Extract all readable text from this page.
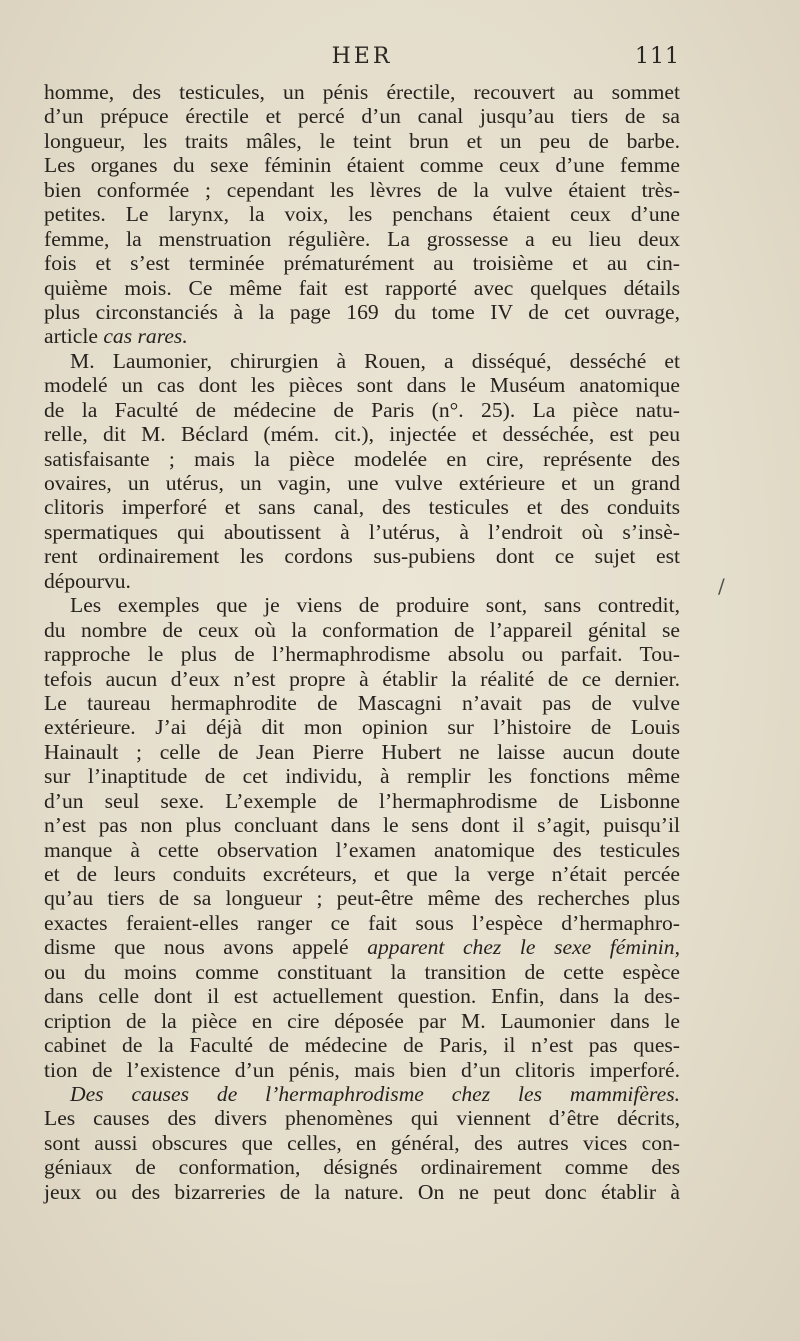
HER	111
homme, des testicules, un pénis érectile, recouvert au sommet
d’un prépuce érectile et percé d’un canal jusqu’au tiers de sa
longueur, les traits mâles, le teint brun et un peu de barbe.
Les organes du sexe féminin étaient comme ceux d’une femme
bien conformée ; cependant les lèvres de la vulve étaient très-
petites. Le larynx, la voix, les penchans étaient ceux d’une
femme, la menstruation régulière. La grossesse a eu lieu deux
fois et s’est terminée prématurément au troisième et au cin-
quième mois. Ce même fait est rapporté avec quelques détails
plus circonstanciés à la page 169 du tome IV de cet ouvrage,
article cas rares.
M. Laumonier, chirurgien à Rouen, a disséqué, desséché et
modelé un cas dont les pièces sont dans le Muséum anatomique
de la Faculté de médecine de Paris (n°. 25). La pièce natu-
relle, dit M. Béclard (mém. cit.), injectée et desséchée, est peu
satisfaisante ; mais la pièce modelée en cire, représente des
ovaires, un utérus, un vagin, une vulve extérieure et un grand
clitoris imperforé et sans canal, des testicules et des conduits
spermatiques qui aboutissent à l’utérus, à l’endroit où s’insè-
rent ordinairement les cordons sus-pubiens dont ce sujet est
dépourvu.
Les exemples que je viens de produire sont, sans contredit,
du nombre de ceux où la conformation de l’appareil génital se
rapproche le plus de l’hermaphrodisme absolu ou parfait. Tou-
tefois aucun d’eux n’est propre à établir la réalité de ce dernier.
Le taureau hermaphrodite de Mascagni n’avait pas de vulve
extérieure. J’ai déjà dit mon opinion sur l’histoire de Louis
Hainault ; celle de Jean Pierre Hubert ne laisse aucun doute
sur l’inaptitude de cet individu, à remplir les fonctions même
d’un seul sexe. L’exemple de l’hermaphrodisme de Lisbonne
n’est pas non plus concluant dans le sens dont il s’agit, puisqu’il
manque à cette observation l’examen anatomique des testicules
et de leurs conduits excréteurs, et que la verge n’était percée
qu’au tiers de sa longueur ; peut-être même des recherches plus
exactes feraient-elles ranger ce fait sous l’espèce d’hermaphro-
disme que nous avons appelé apparent chez le sexe féminin,
ou du moins comme constituant la transition de cette espèce
dans celle dont il est actuellement question. Enfin, dans la des-
cription de la pièce en cire déposée par M. Laumonier dans le
cabinet de la Faculté de médecine de Paris, il n’est pas ques-
tion de l’existence d’un pénis, mais bien d’un clitoris imperforé.
Des causes de l’hermaphrodisme chez les mammifères.
Les causes des divers phenomènes qui viennent d’être décrits,
sont aussi obscures que celles, en général, des autres vices con-
géniaux de conformation, désignés ordinairement comme des
jeux ou des bizarreries de la nature. On ne peut donc établir à
/
